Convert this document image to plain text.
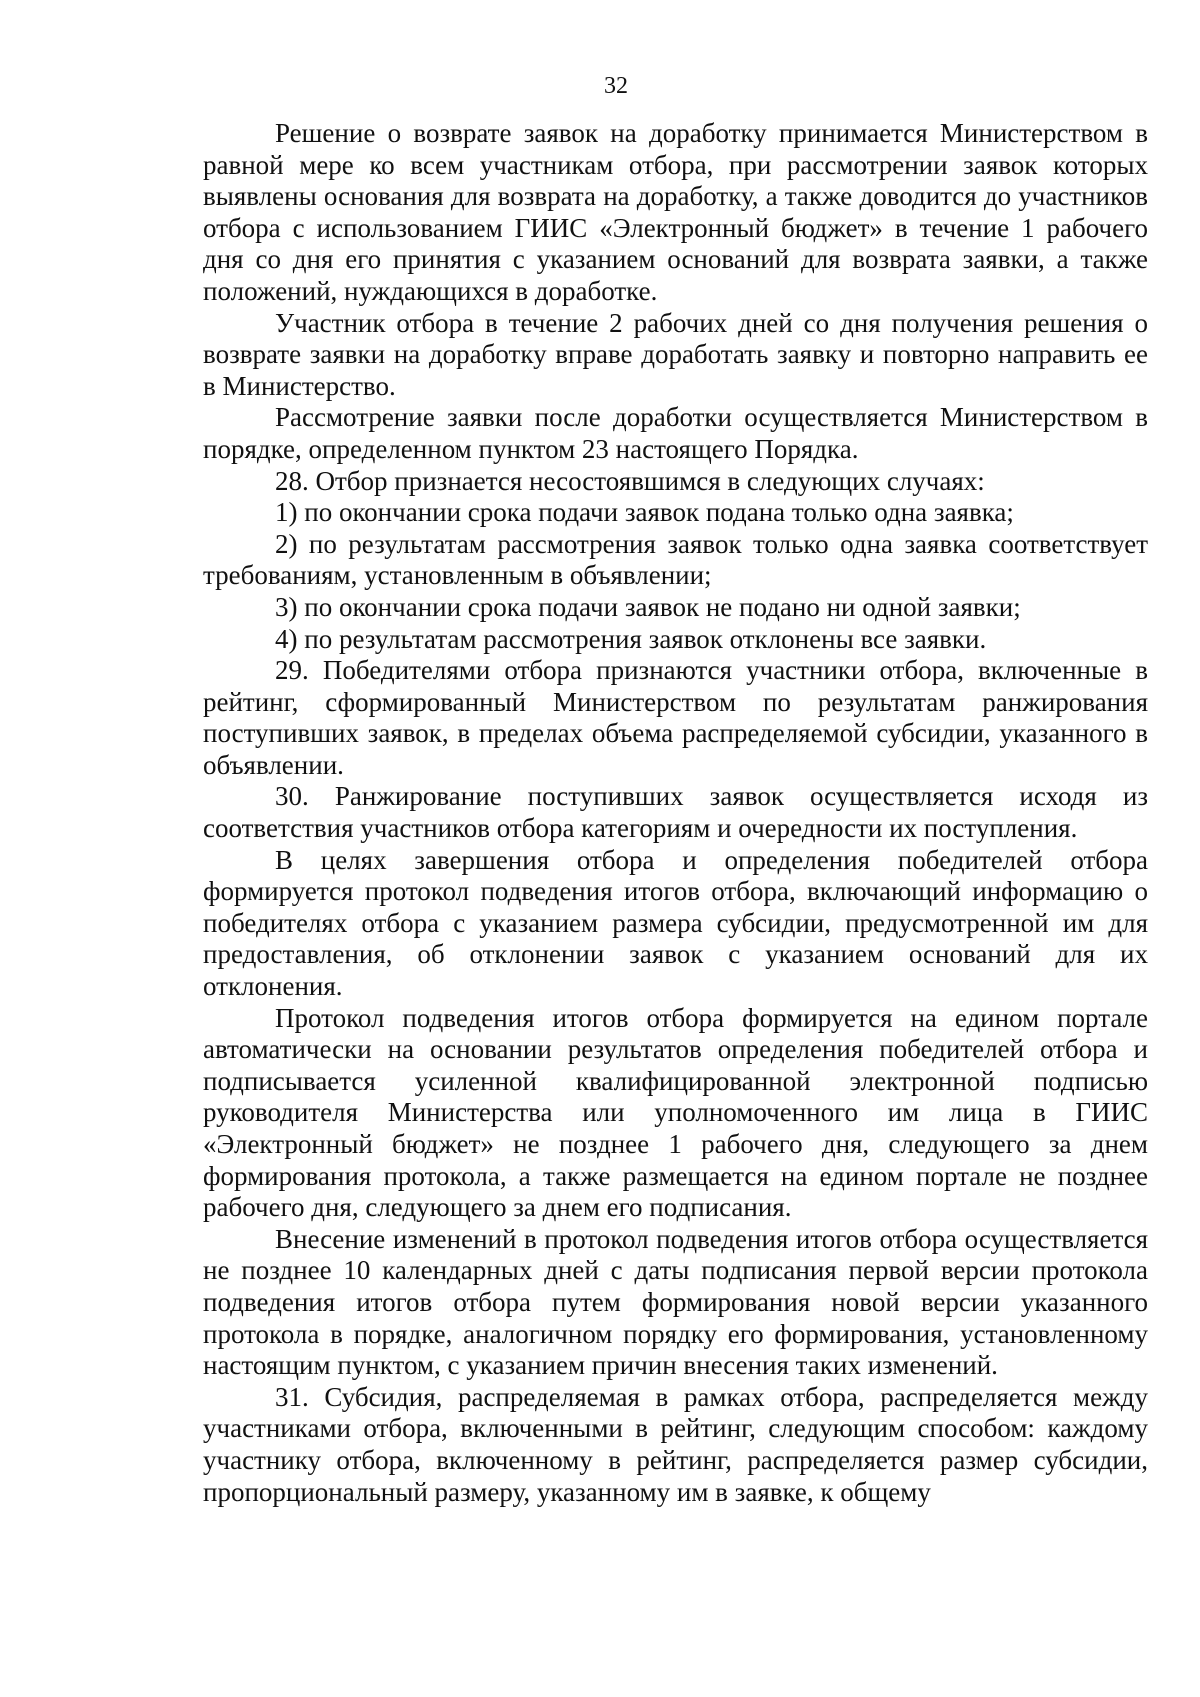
32

Решение о возврате заявок на доработку принимается Министерством в равной мере ко всем участникам отбора, при рассмотрении заявок которых выявлены основания для возврата на доработку, а также доводится до участников отбора с использованием ГИИС «Электронный бюджет» в течение 1 рабочего дня со дня его принятия с указанием оснований для возврата заявки, а также положений, нуждающихся в доработке.

Участник отбора в течение 2 рабочих дней со дня получения решения о возврате заявки на доработку вправе доработать заявку и повторно направить ее в Министерство.

Рассмотрение заявки после доработки осуществляется Министерством в порядке, определенном пунктом 23 настоящего Порядка.

28. Отбор признается несостоявшимся в следующих случаях:

1) по окончании срока подачи заявок подана только одна заявка;

2) по результатам рассмотрения заявок только одна заявка соответствует требованиям, установленным в объявлении;

3) по окончании срока подачи заявок не подано ни одной заявки;

4) по результатам рассмотрения заявок отклонены все заявки.

29. Победителями отбора признаются участники отбора, включенные в рейтинг, сформированный Министерством по результатам ранжирования поступивших заявок, в пределах объема распределяемой субсидии, указанного в объявлении.

30. Ранжирование поступивших заявок осуществляется исходя из соответствия участников отбора категориям и очередности их поступления.

В целях завершения отбора и определения победителей отбора формируется протокол подведения итогов отбора, включающий информацию о победителях отбора с указанием размера субсидии, предусмотренной им для предоставления, об отклонении заявок с указанием оснований для их отклонения.

Протокол подведения итогов отбора формируется на едином портале автоматически на основании результатов определения победителей отбора и подписывается усиленной квалифицированной электронной подписью руководителя Министерства или уполномоченного им лица в ГИИС «Электронный бюджет» не позднее 1 рабочего дня, следующего за днем формирования протокола, а также размещается на едином портале не позднее рабочего дня, следующего за днем его подписания.

Внесение изменений в протокол подведения итогов отбора осуществляется не позднее 10 календарных дней с даты подписания первой версии протокола подведения итогов отбора путем формирования новой версии указанного протокола в порядке, аналогичном порядку его формирования, установленному настоящим пунктом, с указанием причин внесения таких изменений.

31. Субсидия, распределяемая в рамках отбора, распределяется между участниками отбора, включенными в рейтинг, следующим способом: каждому участнику отбора, включенному в рейтинг, распределяется размер субсидии, пропорциональный размеру, указанному им в заявке, к общему
